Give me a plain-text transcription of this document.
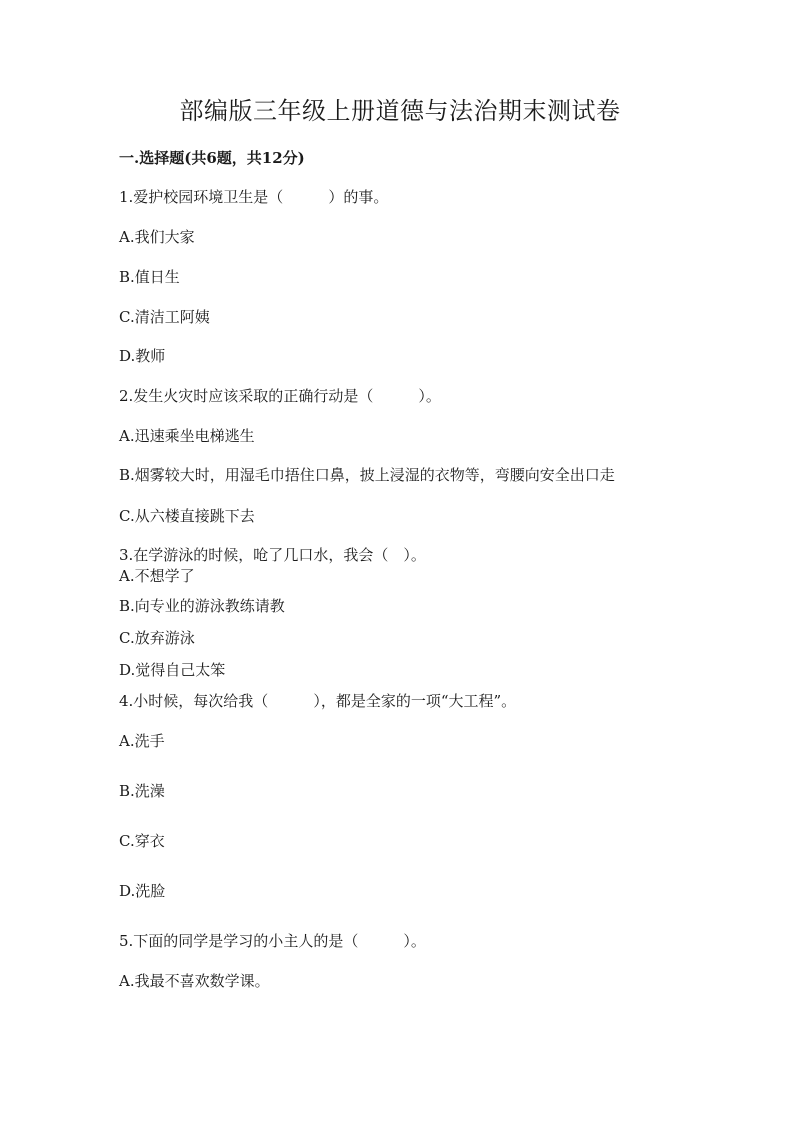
部编版三年级上册道德与法治期末测试卷
一.选择题(共6题，共12分)
1.爱护校园环境卫生是（　　　）的事。
A.我们大家
B.值日生
C.清洁工阿姨
D.教师
2.发生火灾时应该采取的正确行动是（　　　）。
A.迅速乘坐电梯逃生
B.烟雾较大时，用湿毛巾捂住口鼻，披上浸湿的衣物等，弯腰向安全出口走
C.从六楼直接跳下去
3.在学游泳的时候，呛了几口水，我会（　）。
A.不想学了
B.向专业的游泳教练请教
C.放弃游泳
D.觉得自己太笨
4.小时候，每次给我（　　　），都是全家的一项“大工程”。
A.洗手
B.洗澡
C.穿衣
D.洗脸
5.下面的同学是学习的小主人的是（　　　）。
A.我最不喜欢数学课。
